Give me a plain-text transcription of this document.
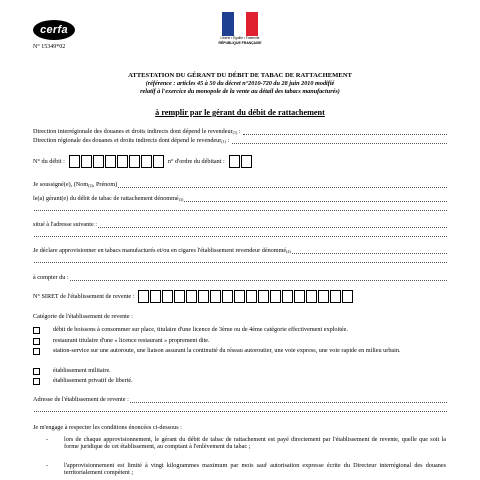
cerfa
N° 15349*02
Liberté • Égalité • Fraternité
RÉPUBLIQUE FRANÇAISE
ATTESTATION DU GÉRANT DU DÉBIT DE TABAC DE RATTACHEMENT
(référence : articles 45 à 50 du décret n°2010-720 du 28 juin 2010 modifié
relatif à l'exercice du monopole de la vente au détail des tabacs manufacturés)
à remplir par le gérant du débit de rattachement
Direction interrégionale des douanes et droits indirects dont dépend le revendeur (1) :
Direction régionale des douanes et droits indirects dont dépend le revendeur (1) :
N° du débit :	n° d'ordre du débitant :
Je soussigné(e), (Nom (2) , Prénom)
le(a) gérant(e) du débit de tabac de rattachement dénommé (3)
situé à l'adresse suivante :
Je déclare approvisionner en tabacs manufacturés et/ou en cigares l'établissement revendeur dénommé (4)
à compter du :
N° SIRET de l'établissement de revente :
Catégorie de l'établissement de revente :
débit de boissons à consommer sur place, titulaire d'une licence de 3ème ou de 4ème catégorie effectivement exploitée.
restaurant titulaire d'une « licence restaurant » proprement dite.
station-service sur une autoroute, une liaison assurant la continuité du réseau autoroutier, une voie express, une voie rapide en milieu urbain.
établissement militaire.
établissement privatif de liberté.
Adresse de l'établissement de revente :
Je m'engage à respecter les conditions énoncées ci-dessous :
-	lors de chaque approvisionnement, le gérant du débit de tabac de rattachement est payé directement par l'établissement de revente, quelle que soit la forme juridique de cet établissement, au comptant à l'enlèvement du tabac ;
-	l'approvisionnement est limité à vingt kilogrammes maximum par mois sauf autorisation expresse écrite du Directeur interrégional des douanes territorialement compétent ;
